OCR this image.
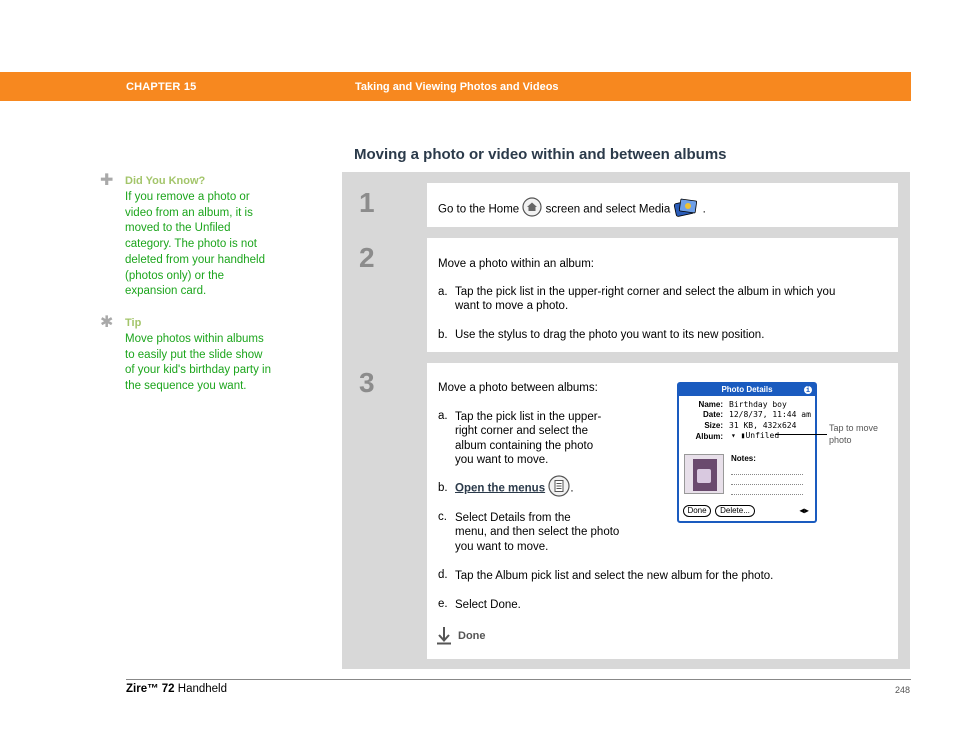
CHAPTER 15	Taking and Viewing Photos and Videos
Moving a photo or video within and between albums
✚ Did You Know?
If you remove a photo or video from an album, it is moved to the Unfiled category. The photo is not deleted from your handheld (photos only) or the expansion card.
✱ Tip
Move photos within albums to easily put the slide show of your kid's birthday party in the sequence you want.
1	Go to the Home screen and select Media	.
2	Move a photo within an album:
a. Tap the pick list in the upper-right corner and select the album in which you
want to move a photo.
b. Use the stylus to drag the photo you want to its new position.
3	Move a photo between albums:
a. Tap the pick list in the upper-
right corner and select the
album containing the photo
you want to move.
b. Open the menus .
c. Select Details from the
menu, and then select the photo
you want to move.
d. Tap the Album pick list and select the new album for the photo.
e. Select Done.
Done
Photo Details	i
Name: Birthday boy
Date: 12/8/37, 11:44 am
Size: 31 KB, 432x624
Album: ▾ ▮Unfiled
Notes:
Done	Delete...	◀▶
Tap to move photo
Zire™ 72 Handheld	248
